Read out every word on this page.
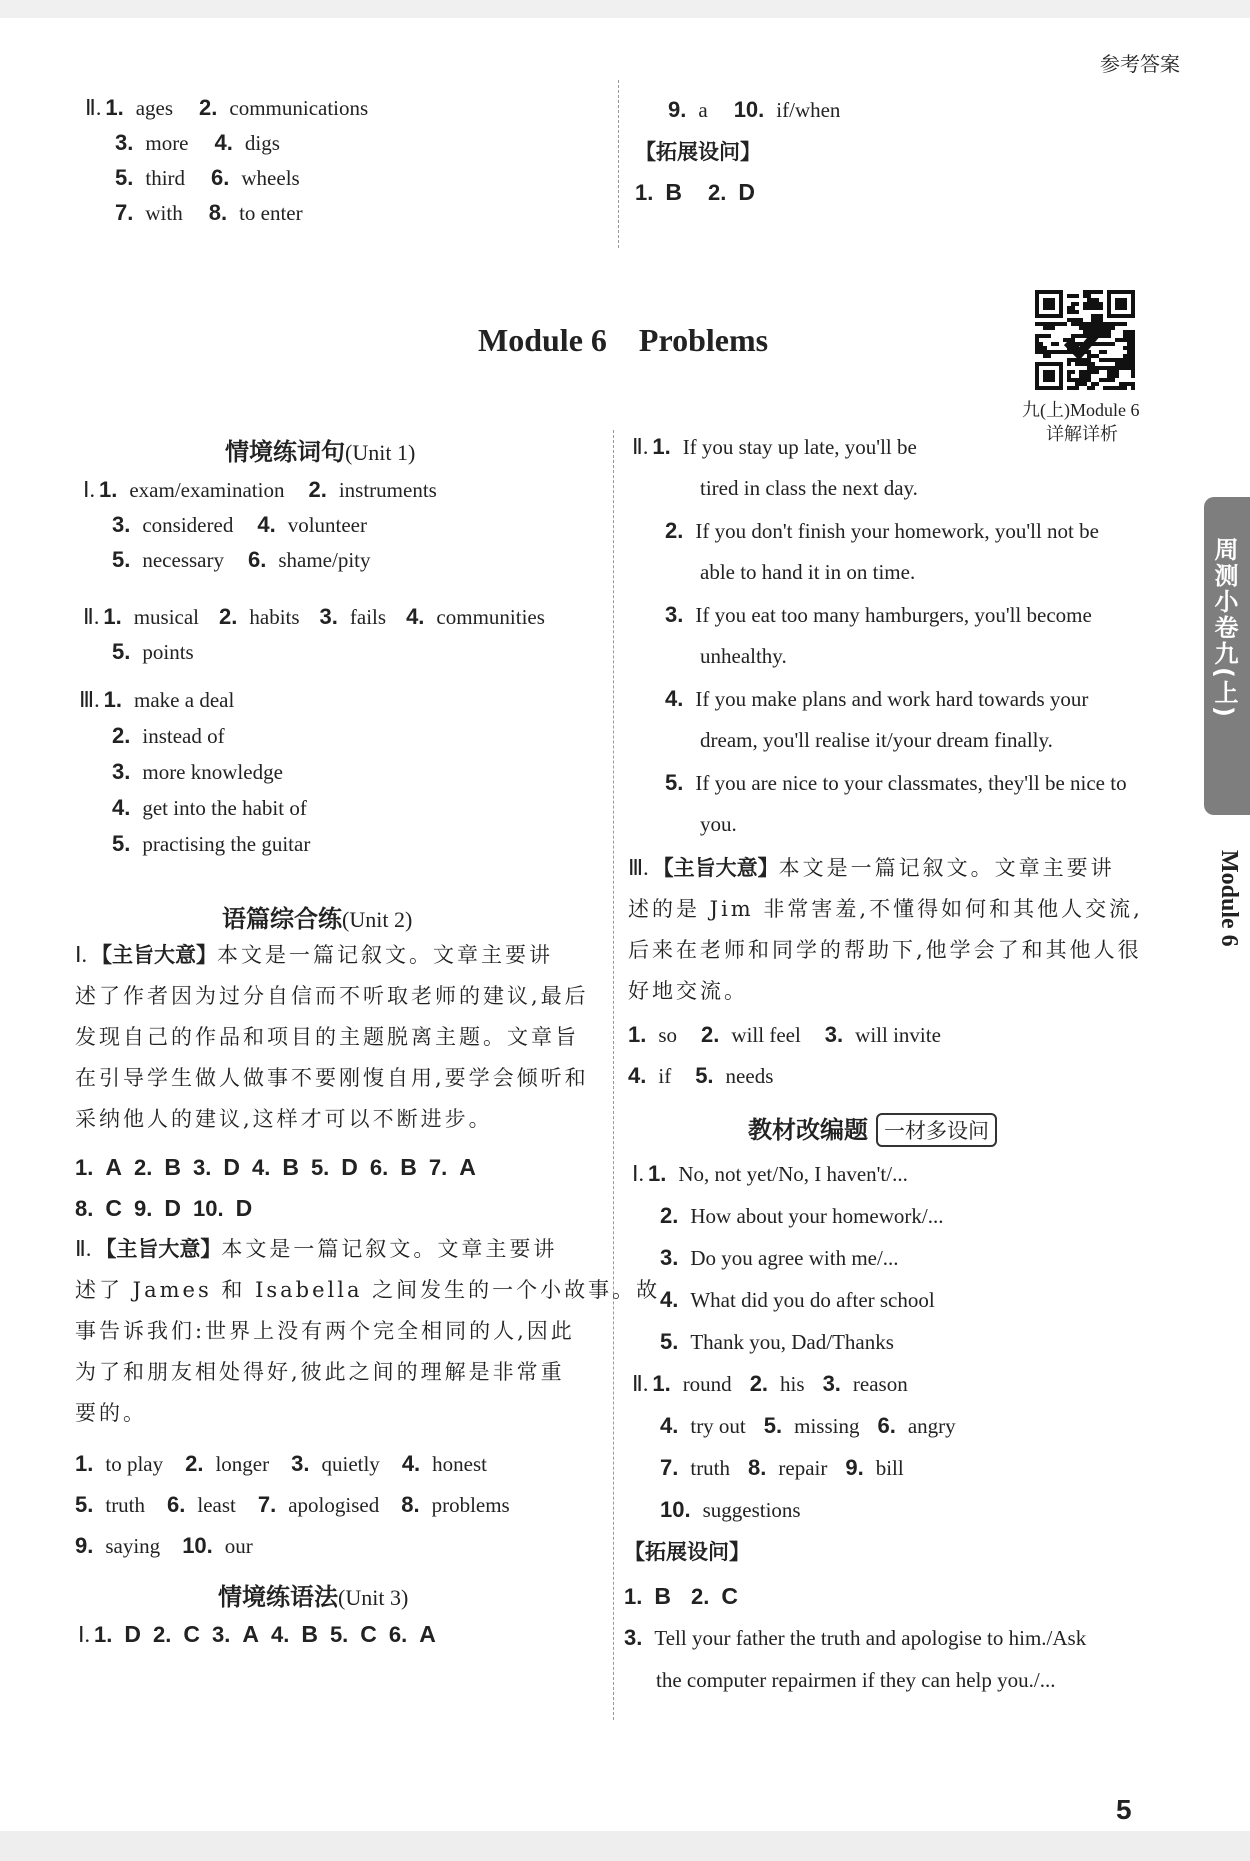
参考答案
Ⅱ. 1. ages 2. communications
3. more 4. digs
5. third 6. wheels
7. with 8. to enter
9. a 10. if/when
【拓展设问】
1. B 2. D
Module 6    Problems
九(上)Module 6
详解详析
情境练词句(Unit 1)
Ⅰ. 1. exam/examination 2. instruments
3. considered 4. volunteer
5. necessary 6. shame/pity
Ⅱ. 1. musical 2. habits 3. fails 4. communities
5. points
Ⅲ. 1. make a deal
2. instead of
3. more knowledge
4. get into the habit of
5. practising the guitar
语篇综合练(Unit 2)
Ⅰ. 【主旨大意】本文是一篇记叙文。文章主要讲
述了作者因为过分自信而不听取老师的建议,最后
发现自己的作品和项目的主题脱离主题。文章旨
在引导学生做人做事不要刚愎自用,要学会倾听和
采纳他人的建议,这样才可以不断进步。
1. A 2. B 3. D 4. B 5. D 6. B 7. A
8. C 9. D 10. D
Ⅱ. 【主旨大意】本文是一篇记叙文。文章主要讲
述了 James 和 Isabella 之间发生的一个小故事。故
事告诉我们:世界上没有两个完全相同的人,因此
为了和朋友相处得好,彼此之间的理解是非常重
要的。
1. to play 2. longer 3. quietly 4. honest
5. truth 6. least 7. apologised 8. problems
9. saying 10. our
情境练语法(Unit 3)
Ⅰ. 1. D 2. C 3. A 4. B 5. C 6. A
Ⅱ. 1. If you stay up late, you'll be
tired in class the next day.
2. If you don't finish your homework, you'll not be
able to hand it in on time.
3. If you eat too many hamburgers, you'll become
unhealthy.
4. If you make plans and work hard towards your
dream, you'll realise it/your dream finally.
5. If you are nice to your classmates, they'll be nice to
you.
Ⅲ. 【主旨大意】本文是一篇记叙文。文章主要讲
述的是 Jim 非常害羞,不懂得如何和其他人交流,
后来在老师和同学的帮助下,他学会了和其他人很
好地交流。
1. so 2. will feel 3. will invite
4. if 5. needs
教材改编题 一材多设问
Ⅰ. 1. No, not yet/No, I haven't/...
2. How about your homework/...
3. Do you agree with me/...
4. What did you do after school
5. Thank you, Dad/Thanks
Ⅱ. 1. round 2. his 3. reason
4. try out 5. missing 6. angry
7. truth 8. repair 9. bill
10. suggestions
【拓展设问】
1. B 2. C
3. Tell your father the truth and apologise to him./Ask
the computer repairmen if they can help you./...
周测小卷九(上)
Module 6
5
